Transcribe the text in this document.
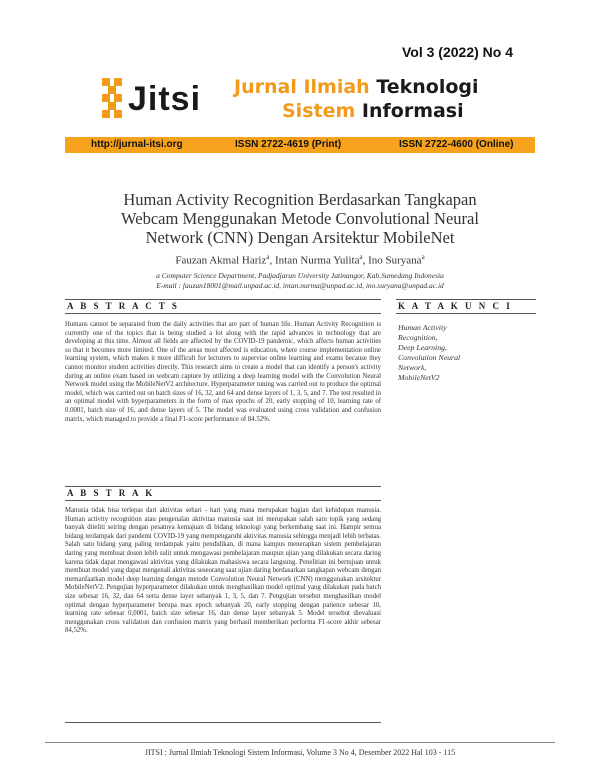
Vol 3 (2022) No 4
Jitsi Jurnal Ilmiah Teknologi
Sistem Informasi
http://jurnal-itsi.org	ISSN 2722-4619 (Print)	ISSN 2722-4600 (Online)
Human Activity Recognition Berdasarkan Tangkapan
Webcam Menggunakan Metode Convolutional Neural
Network (CNN) Dengan Arsitektur MobileNet
Fauzan Akmal Hariz$^a$, Intan Nurma Yulita$^a$, Ino Suryana$^a$
a Computer Science Department, Padjadjaran University Jatinangor, Kab.Sumedang Indonesia
E-mail : fauzan18001@mail.unpad.ac.id, intan.nurma@unpad.ac.id, ino.suryana@unpad.ac.id
A B S T R A C T S
Humans cannot be separated from the daily activities that are part of human life. Human Activity Recognition is currently one of the topics that is being studied a lot along with the rapid advances in technology that are developing at this time. Almost all fields are affected by the COVID-19 pandemic, which affects human activities so that it becomes more limited. One of the areas most affected is education, where course implementation online learning system, which makes it more difficult for lecturers to supervise online learning and exams because they cannot monitor student activities directly. This research aims to create a model that can identify a person's activity during an online exam based on webcam capture by utilizing a deep learning model with the Convolution Neural Network model using the MobileNetV2 architecture. Hyperparameter tuning was carried out to produce the optimal model, which was carried out on batch sizes of 16, 32, and 64 and dense layers of 1, 3, 5, and 7. The test resulted in an optimal model with hyperparameters in the form of max epochs of 20, early stopping of 10, learning rate of 0.0001, batch size of 16, and dense layers of 5. The model was evaluated using cross validation and confusion matrix, which managed to provide a final F1-score performance of 84.52%.
K A T A K U N C I
Human Activity Recognition,
Deep Learning,
Convolution Neural Network,
MobileNetV2
A B S T R A K
Manusia tidak bisa terlepas dari aktivitas sehari - hari yang mana merupakan bagian dari kehidupan manusia. Human activity recognition atau pengenalan aktivitas manusia saat ini merupakan salah satu topik yang sedang banyak diteliti seiring dengan pesatnya kemajuan di bidang teknologi yang berkembang saat ini. Hampir semua bidang terdampak dari pandemi COVID-19 yang mempengaruhi aktivitas manusia sehingga menjadi lebih terbatas. Salah satu bidang yang paling terdampak yaitu pendidikan, di mana kampus menerapkan sistem pembelajaran daring yang membuat dosen lebih sulit untuk mengawasi pembelajaran maupun ujian yang dilakukan secara daring karena tidak dapat mengawasi aktivitas yang dilakukan mahasiswa secara langsung. Penelitian ini bertujuan untuk membuat model yang dapat mengenali aktivitas seseorang saat ujian daring berdasarkan tangkapan webcam dengan memanfaatkan model deep learning dengan metode Convolution Neural Network (CNN) menggunakan arsitektur MobileNetV2. Pengujian hyperparameter dilakukan untuk menghasilkan model optimal yang dilakukan pada batch size sebesar 16, 32, dan 64 serta dense layer sebanyak 1, 3, 5, dan 7. Pengujian tersebut menghasilkan model optimal dengan hyperparameter berupa max epoch sebanyak 20, early stopping dengan patience sebesar 10, learning rate sebesar 0,0001, batch size sebesar 16, dan dense layer sebanyak 5. Model tersebut dievaluasi menggunakan cross validation dan confusion matrix yang berhasil memberikan performa F1-score akhir sebesar 84,52%.
JITSI : Jurnal Ilmiah Teknologi Sistem Informasi, Volume 3 No 4, Desember 2022 Hal 103 - 115
